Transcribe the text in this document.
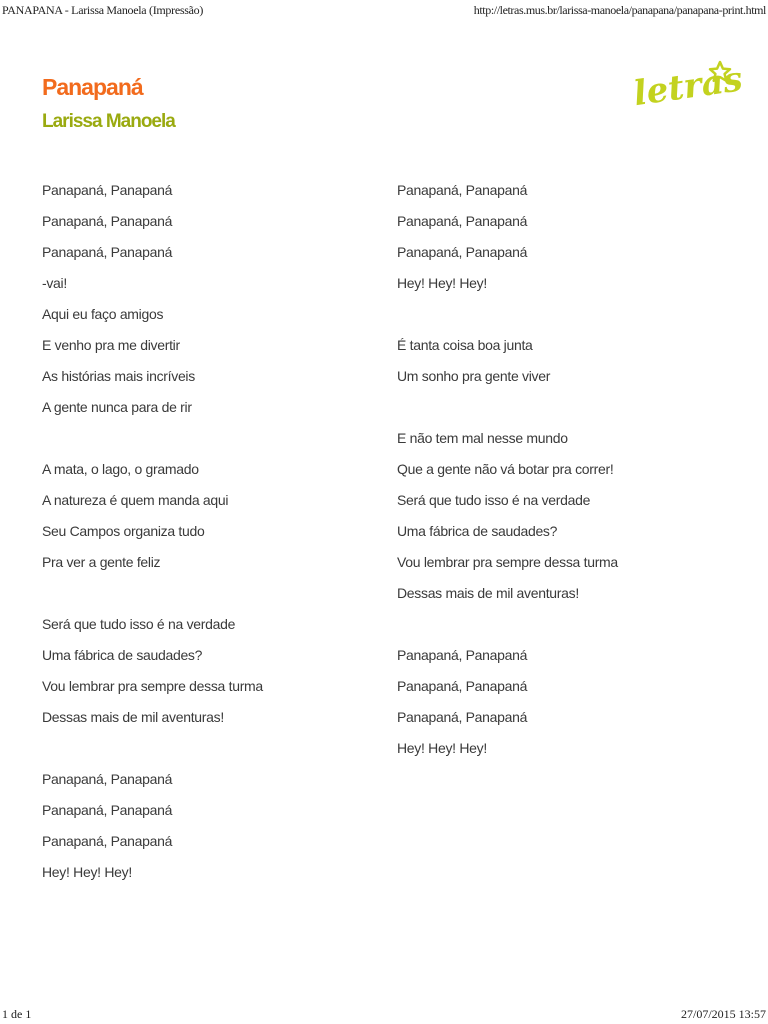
PANAPANA - Larissa Manoela (Impressão)	http://letras.mus.br/larissa-manoela/panapana/panapana-print.html
Panapaná
Larissa Manoela
letras
Panapaná, Panapaná
Panapaná, Panapaná
Panapaná, Panapaná
-vai!
Aqui eu faço amigos
E venho pra me divertir
As histórias mais incríveis
A gente nunca para de rir
A mata, o lago, o gramado
A natureza é quem manda aqui
Seu Campos organiza tudo
Pra ver a gente feliz
Será que tudo isso é na verdade
Uma fábrica de saudades?
Vou lembrar pra sempre dessa turma
Dessas mais de mil aventuras!
Panapaná, Panapaná
Panapaná, Panapaná
Panapaná, Panapaná
Hey! Hey! Hey!
Panapaná, Panapaná
Panapaná, Panapaná
Panapaná, Panapaná
Hey! Hey! Hey!
É tanta coisa boa junta
Um sonho pra gente viver
E não tem mal nesse mundo
Que a gente não vá botar pra correr!
Será que tudo isso é na verdade
Uma fábrica de saudades?
Vou lembrar pra sempre dessa turma
Dessas mais de mil aventuras!
Panapaná, Panapaná
Panapaná, Panapaná
Panapaná, Panapaná
Hey! Hey! Hey!
1 de 1	27/07/2015 13:57
